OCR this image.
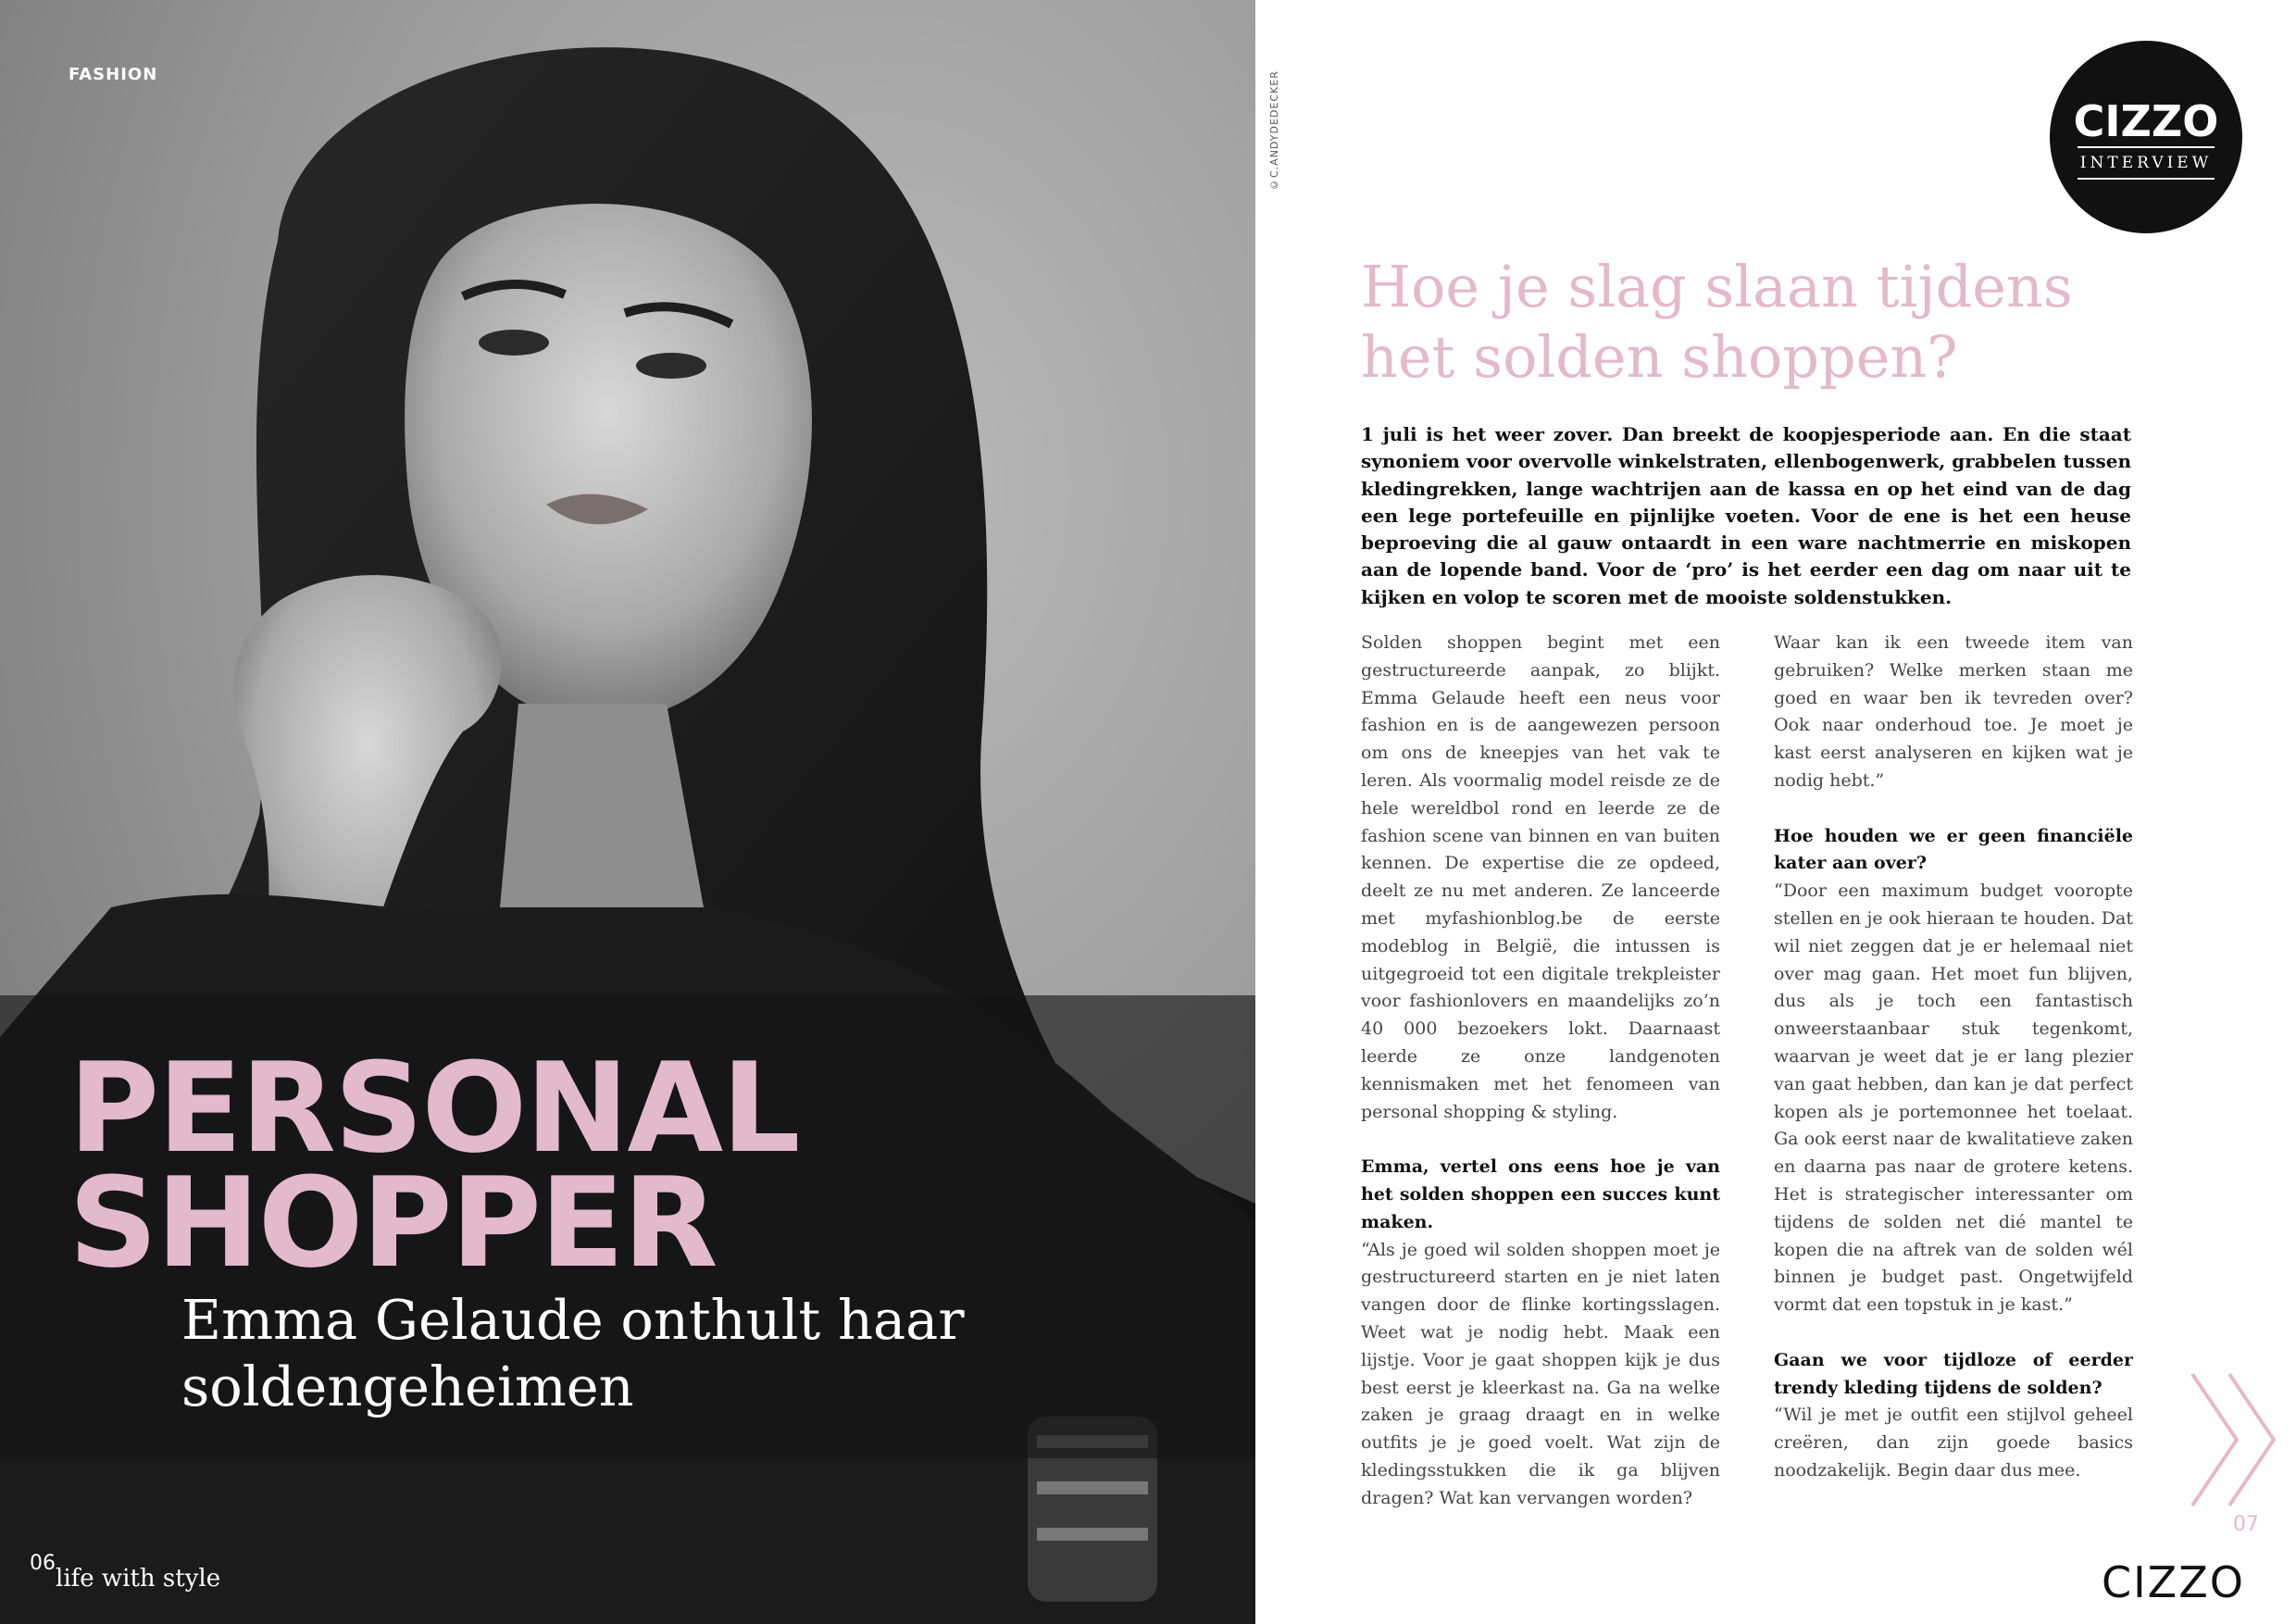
FASHION
PERSONAL
SHOPPER
Emma Gelaude onthult haar soldengeheimen
06
life with style
©C.ANDYDEDECKER	CIZZO
INTERVIEW
Hoe je slag slaan tijdens het solden shoppen?
1 juli is het weer zover. Dan breekt de koopjesperiode aan. En die staat synoniem voor overvolle winkelstraten, ellenbogenwerk, grabbelen tussen kledingrekken, lange wachtrijen aan de kassa en op het eind van de dag een lege portefeuille en pijnlijke voeten. Voor de ene is het een heuse beproeving die al gauw ontaardt in een ware nachtmerrie en miskopen aan de lopende band. Voor de ‘pro’ is het eerder een dag om naar uit te kijken en volop te scoren met de mooiste soldenstukken.

Solden shoppen begint met een gestructureerde aanpak, zo blijkt. Emma Gelaude heeft een neus voor fashion en is de aangewezen persoon om ons de kneepjes van het vak te leren. Als voormalig model reisde ze de hele wereldbol rond en leerde ze de fashion scene van binnen en van buiten kennen. De expertise die ze opdeed, deelt ze nu met anderen. Ze lanceerde met myfashionblog.be de eerste modeblog in België, die intussen is uitgegroeid tot een digitale trekpleister voor fashionlovers en maandelijks zo’n 40 000 bezoekers lokt. Daarnaast leerde ze onze landgenoten kennismaken met het fenomeen van personal shopping & styling.

Emma, vertel ons eens hoe je van het solden shoppen een succes kunt maken.

“Als je goed wil solden shoppen moet je gestructureerd starten en je niet laten vangen door de flinke kortingsslagen. Weet wat je nodig hebt. Maak een lijstje. Voor je gaat shoppen kijk je dus best eerst je kleerkast na. Ga na welke zaken je graag draagt en in welke outfits je je goed voelt. Wat zijn de kledingsstukken die ik ga blijven dragen? Wat kan vervangen worden?

Waar kan ik een tweede item van gebruiken? Welke merken staan me goed en waar ben ik tevreden over? Ook naar onderhoud toe. Je moet je kast eerst analyseren en kijken wat je nodig hebt.”

Hoe houden we er geen financiële kater aan over?

“Door een maximum budget vooropte stellen en je ook hieraan te houden. Dat wil niet zeggen dat je er helemaal niet over mag gaan. Het moet fun blijven, dus als je toch een fantastisch onweerstaanbaar stuk tegenkomt, waarvan je weet dat je er lang plezier van gaat hebben, dan kan je dat perfect kopen als je portemonnee het toelaat. Ga ook eerst naar de kwalitatieve zaken en daarna pas naar de grotere ketens. Het is strategischer interessanter om tijdens de solden net dié mantel te kopen die na aftrek van de solden wél binnen je budget past. Ongetwijfeld vormt dat een topstuk in je kast.”

Gaan we voor tijdloze of eerder trendy kleding tijdens de solden?

“Wil je met je outfit een stijlvol geheel creëren, dan zijn goede basics noodzakelijk. Begin daar dus mee.

07
CIZZO
